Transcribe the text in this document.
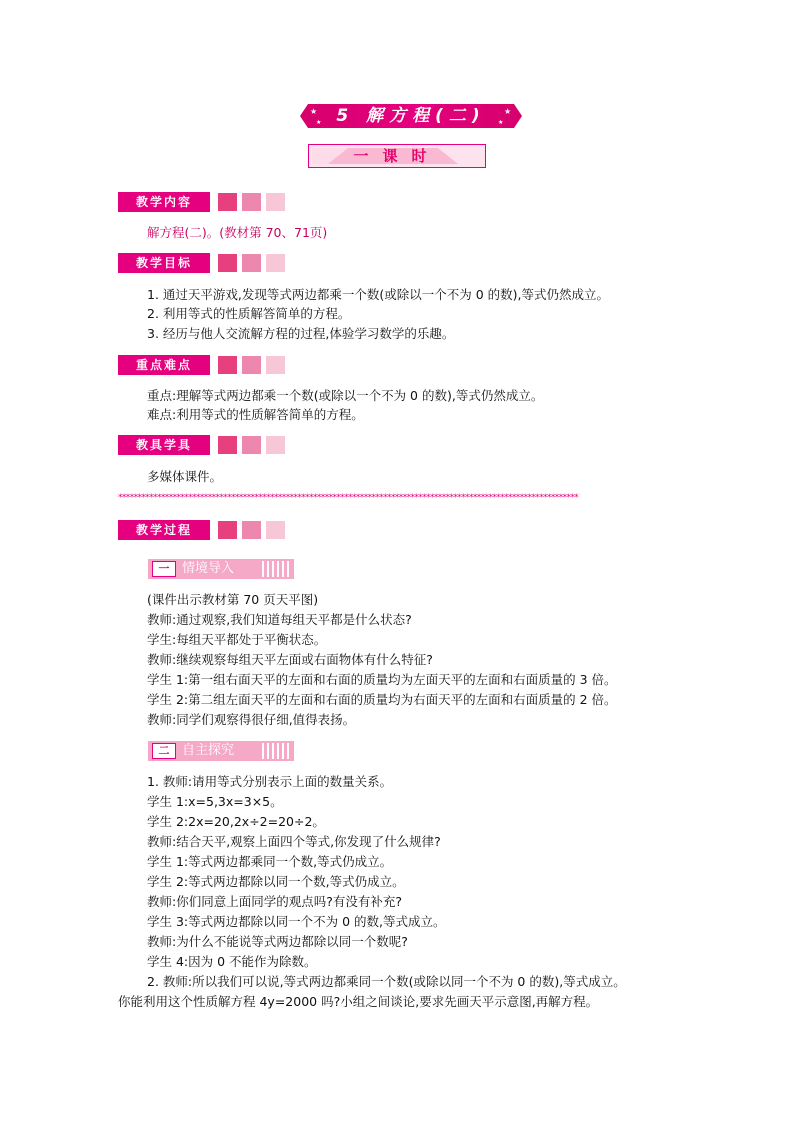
★
★
★
★
5 解方程(二)
一课时
教学内容
解方程(二)。(教材第 70、71页)
教学目标
1. 通过天平游戏,发现等式两边都乘一个数(或除以一个不为 0 的数),等式仍然成立。
2. 利用等式的性质解答简单的方程。
3. 经历与他人交流解方程的过程,体验学习数学的乐趣。
重点难点
重点:理解等式两边都乘一个数(或除以一个不为 0 的数),等式仍然成立。
难点:利用等式的性质解答简单的方程。
教具学具
多媒体课件。
**********************************************************************************************************************
教学过程
一 情境导入
(课件出示教材第 70 页天平图)
教师:通过观察,我们知道每组天平都是什么状态?
学生:每组天平都处于平衡状态。
教师:继续观察每组天平左面或右面物体有什么特征?
学生 1:第一组右面天平的左面和右面的质量均为左面天平的左面和右面质量的 3 倍。
学生 2:第二组左面天平的左面和右面的质量均为右面天平的左面和右面质量的 2 倍。
教师:同学们观察得很仔细,值得表扬。
二 自主探究
1. 教师:请用等式分别表示上面的数量关系。
学生 1:x=5,3x=3×5。
学生 2:2x=20,2x÷2=20÷2。
教师:结合天平,观察上面四个等式,你发现了什么规律?
学生 1:等式两边都乘同一个数,等式仍成立。
学生 2:等式两边都除以同一个数,等式仍成立。
教师:你们同意上面同学的观点吗?有没有补充?
学生 3:等式两边都除以同一个不为 0 的数,等式成立。
教师:为什么不能说等式两边都除以同一个数呢?
学生 4:因为 0 不能作为除数。
2. 教师:所以我们可以说,等式两边都乘同一个数(或除以同一个不为 0 的数),等式成立。
你能利用这个性质解方程 4y=2000 吗?小组之间谈论,要求先画天平示意图,再解方程。
